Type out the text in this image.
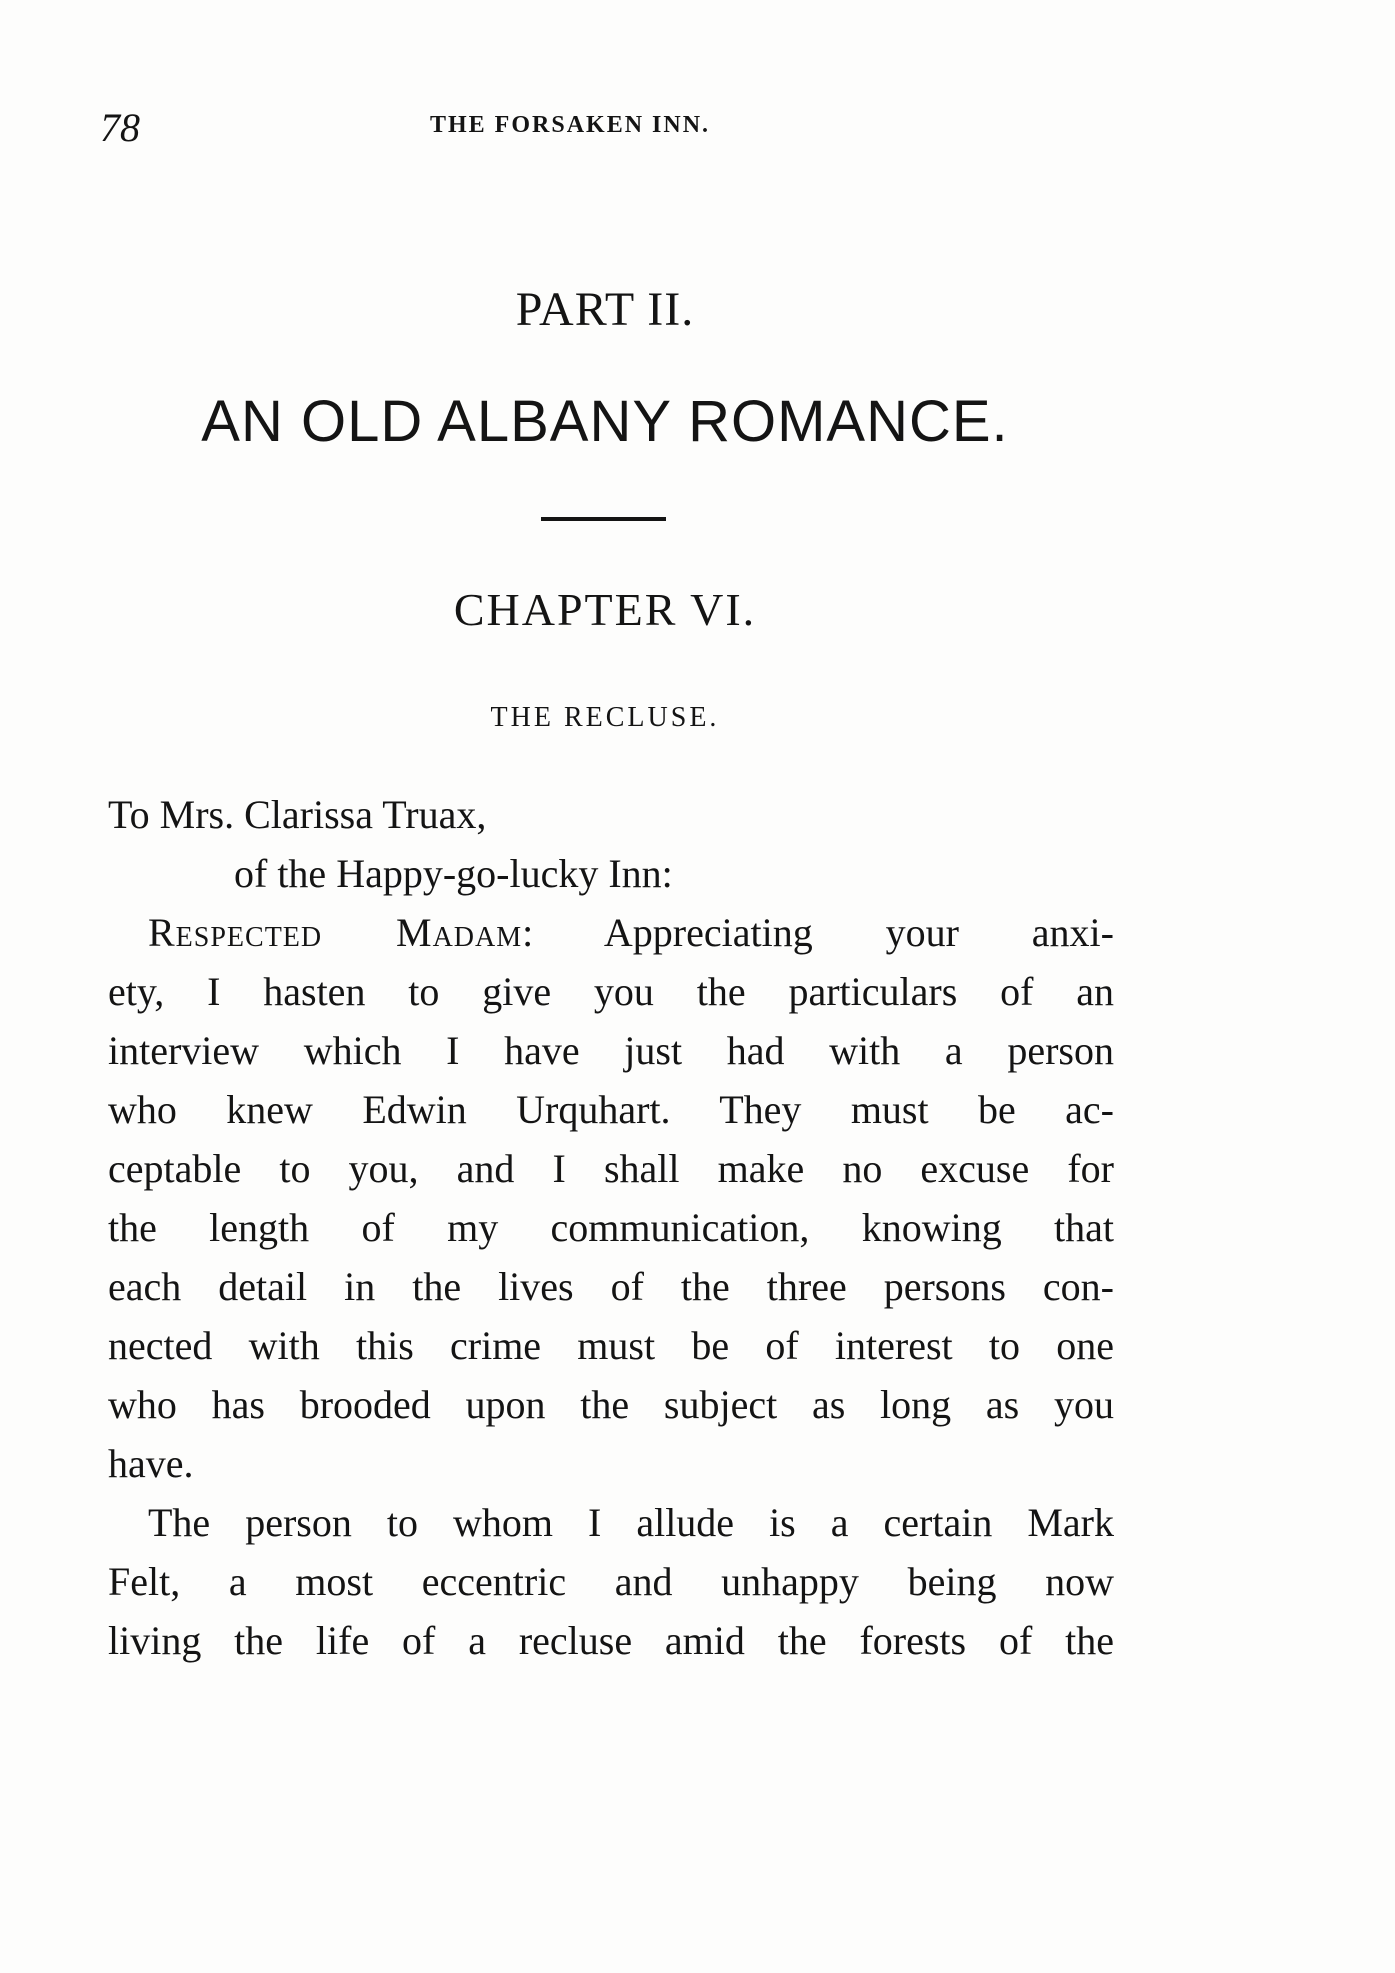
78	THE FORSAKEN INN.
PART II.
AN OLD ALBANY ROMANCE.
CHAPTER VI.
THE RECLUSE.
To Mrs. Clarissa Truax,
of the Happy-go-lucky Inn:
Respected Madam: Appreciating your anxi-
ety, I hasten to give you the particulars of an
interview which I have just had with a person
who knew Edwin Urquhart. They must be ac-
ceptable to you, and I shall make no excuse for
the length of my communication, knowing that
each detail in the lives of the three persons con-
nected with this crime must be of interest to one
who has brooded upon the subject as long as you
have.
The person to whom I allude is a certain Mark
Felt, a most eccentric and unhappy being now
living the life of a recluse amid the forests of the
